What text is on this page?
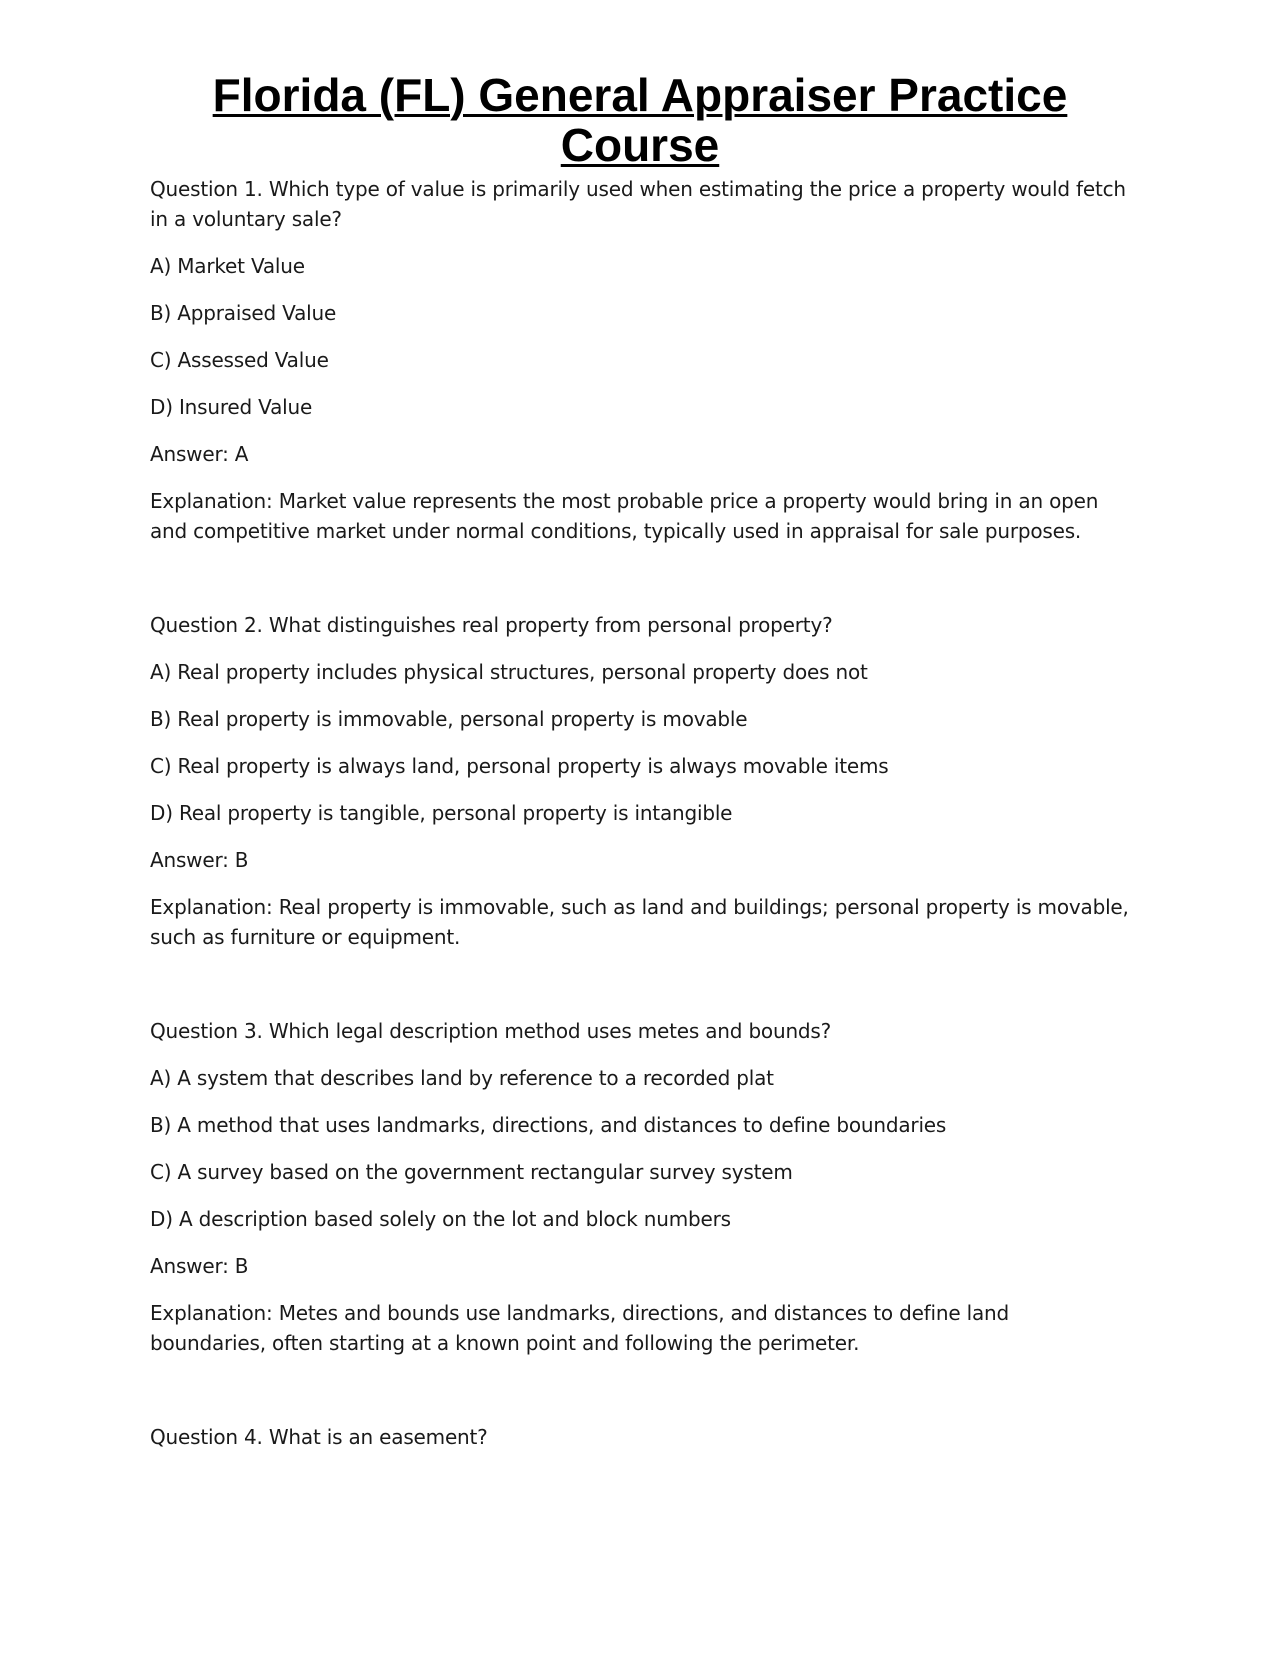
Florida (FL) General Appraiser Practice Course

Question 1. Which type of value is primarily used when estimating the price a property would fetch in a voluntary sale?

A) Market Value

B) Appraised Value

C) Assessed Value

D) Insured Value

Answer: A

Explanation: Market value represents the most probable price a property would bring in an open and competitive market under normal conditions, typically used in appraisal for sale purposes.

Question 2. What distinguishes real property from personal property?

A) Real property includes physical structures, personal property does not

B) Real property is immovable, personal property is movable

C) Real property is always land, personal property is always movable items

D) Real property is tangible, personal property is intangible

Answer: B

Explanation: Real property is immovable, such as land and buildings; personal property is movable, such as furniture or equipment.

Question 3. Which legal description method uses metes and bounds?

A) A system that describes land by reference to a recorded plat

B) A method that uses landmarks, directions, and distances to define boundaries

C) A survey based on the government rectangular survey system

D) A description based solely on the lot and block numbers

Answer: B

Explanation: Metes and bounds use landmarks, directions, and distances to define land boundaries, often starting at a known point and following the perimeter.

Question 4. What is an easement?
